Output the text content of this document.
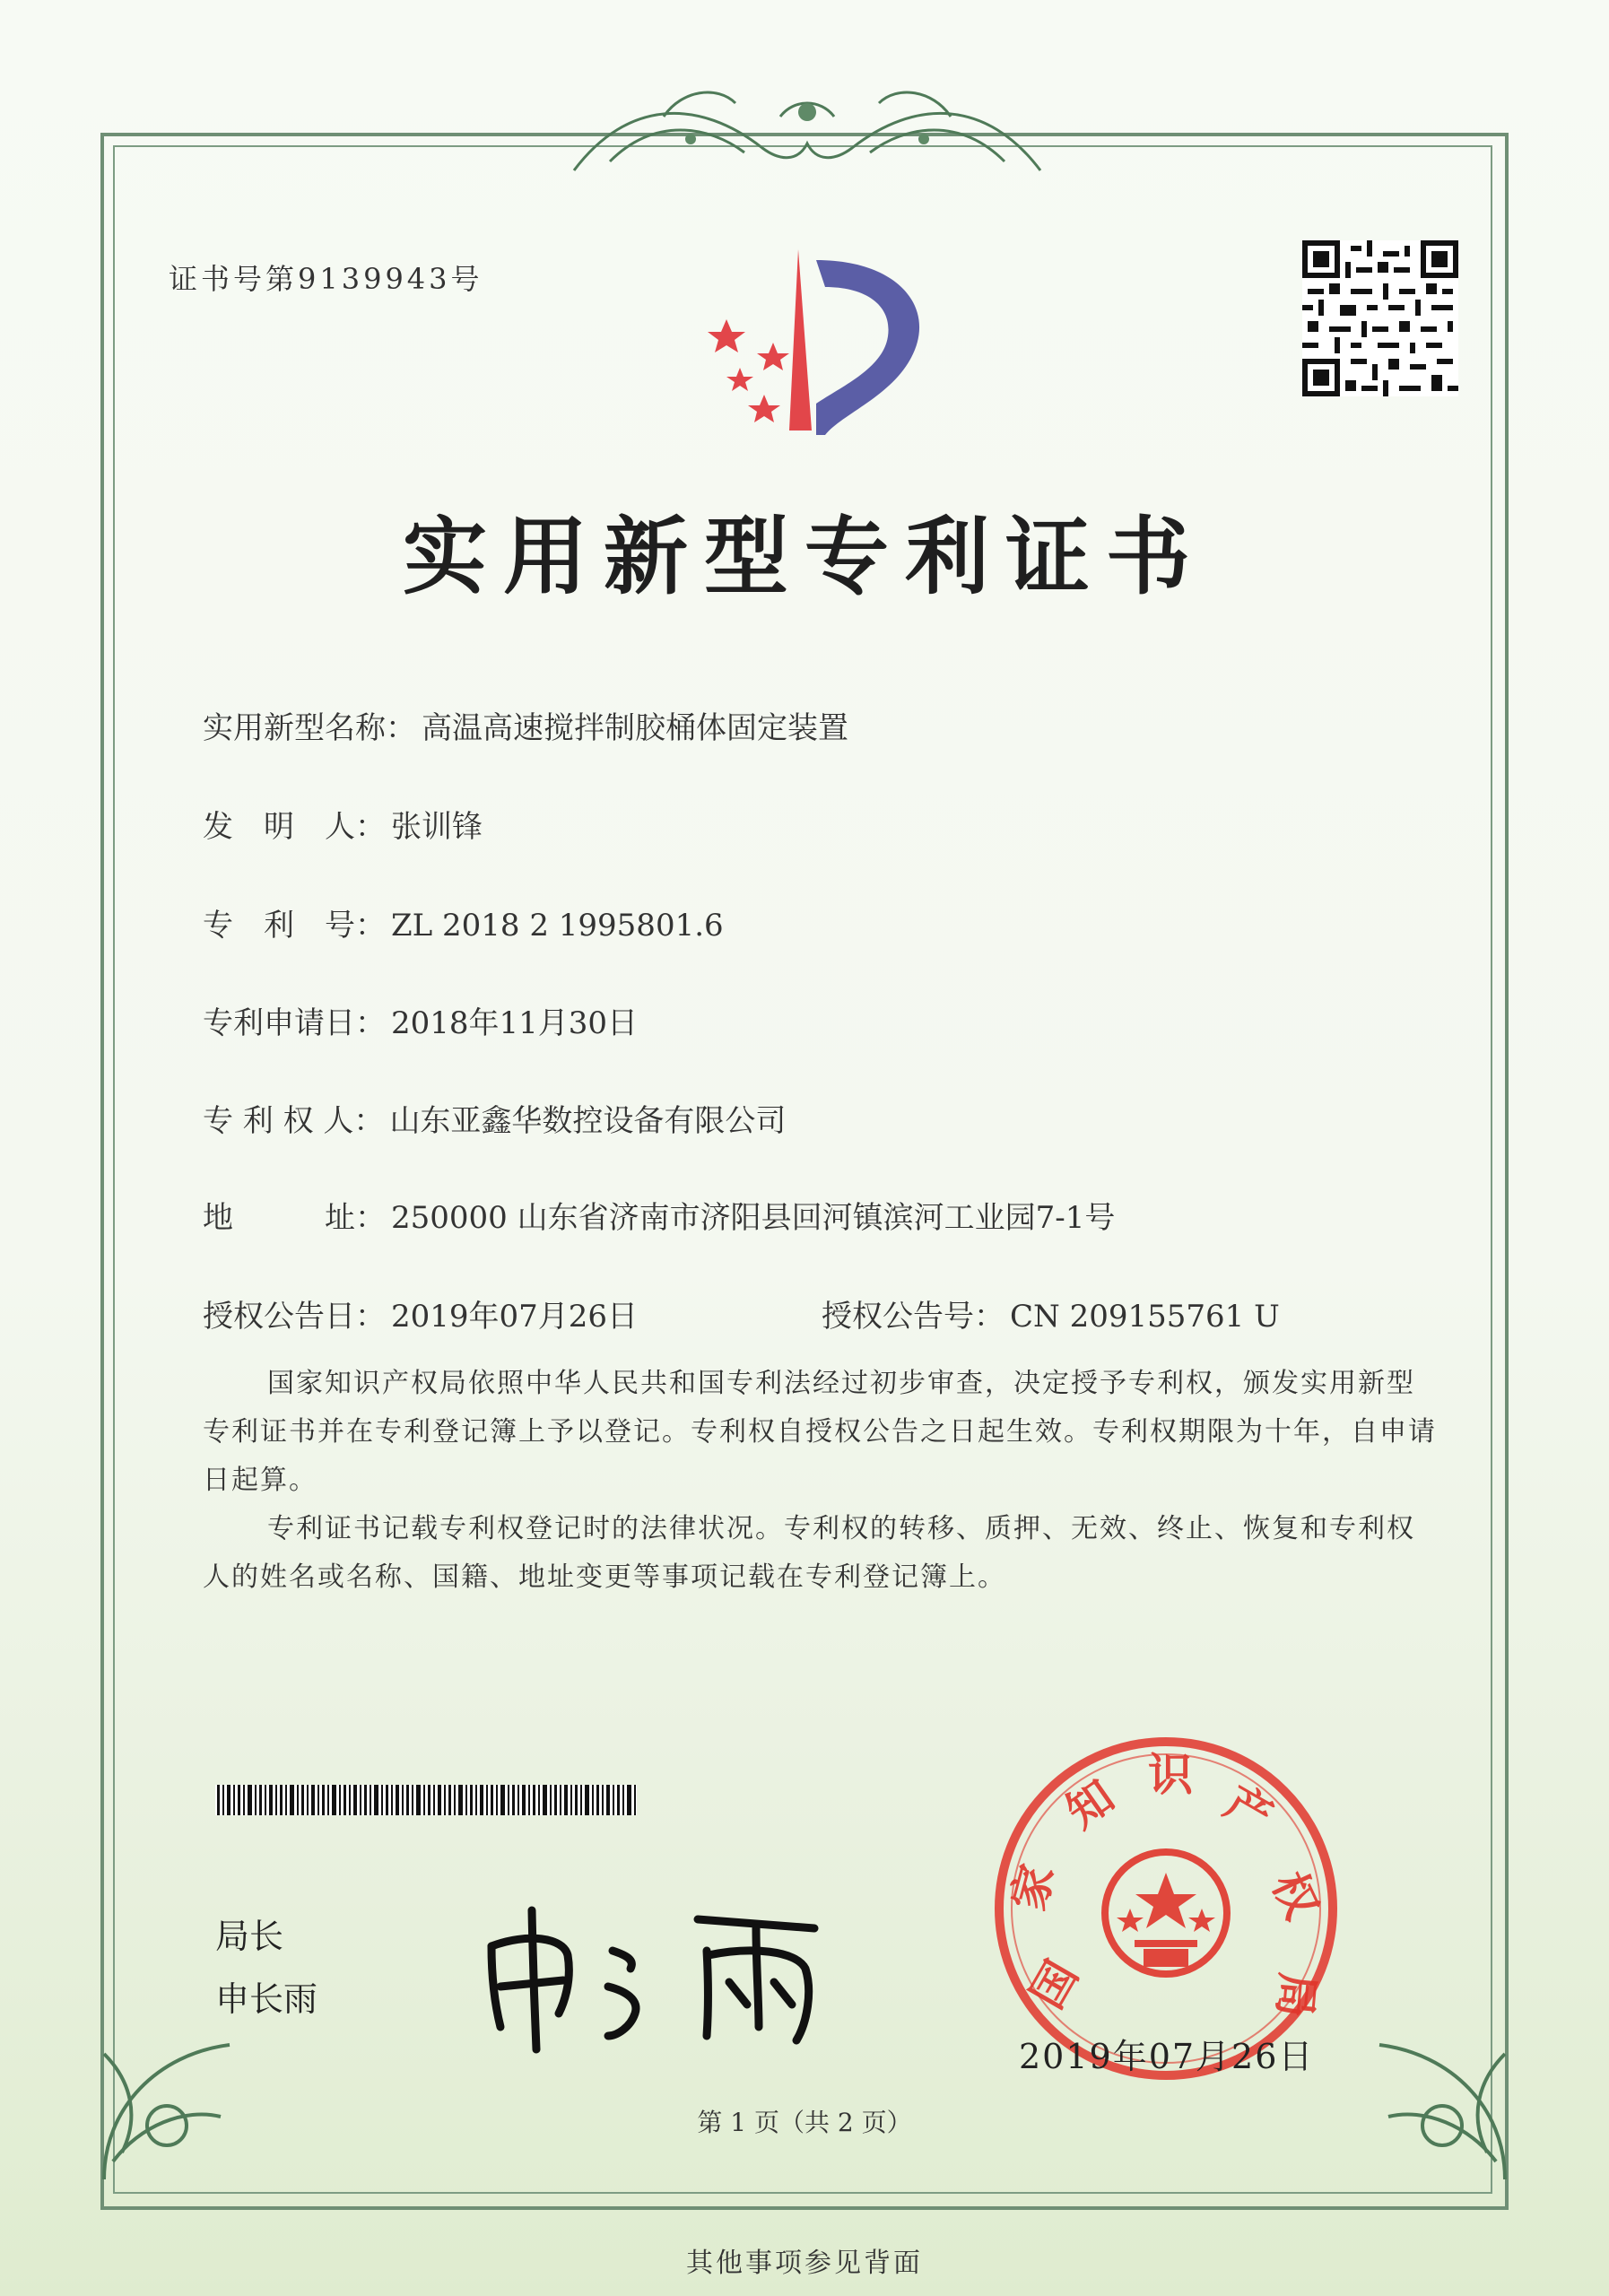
证书号第9139943号
实用新型专利证书
实用新型名称： 高温高速搅拌制胶桶体固定装置
发　明　人： 张训锋
专　利　号： ZL 2018 2 1995801.6
专利申请日： 2018年11月30日
专 利 权 人： 山东亚鑫华数控设备有限公司
地　　　址： 250000 山东省济南市济阳县回河镇滨河工业园7-1号
授权公告日： 2019年07月26日	授权公告号： CN 209155761 U
国家知识产权局依照中华人民共和国专利法经过初步审查，决定授予专利权，颁发实用新型专利证书并在专利登记簿上予以登记。专利权自授权公告之日起生效。专利权期限为十年，自申请日起算。
专利证书记载专利权登记时的法律状况。专利权的转移、质押、无效、终止、恢复和专利权人的姓名或名称、国籍、地址变更等事项记载在专利登记簿上。
局长
申长雨	国
家
知 识
产
权
局
2019年07月26日
第 1 页（共 2 页）
其他事项参见背面
